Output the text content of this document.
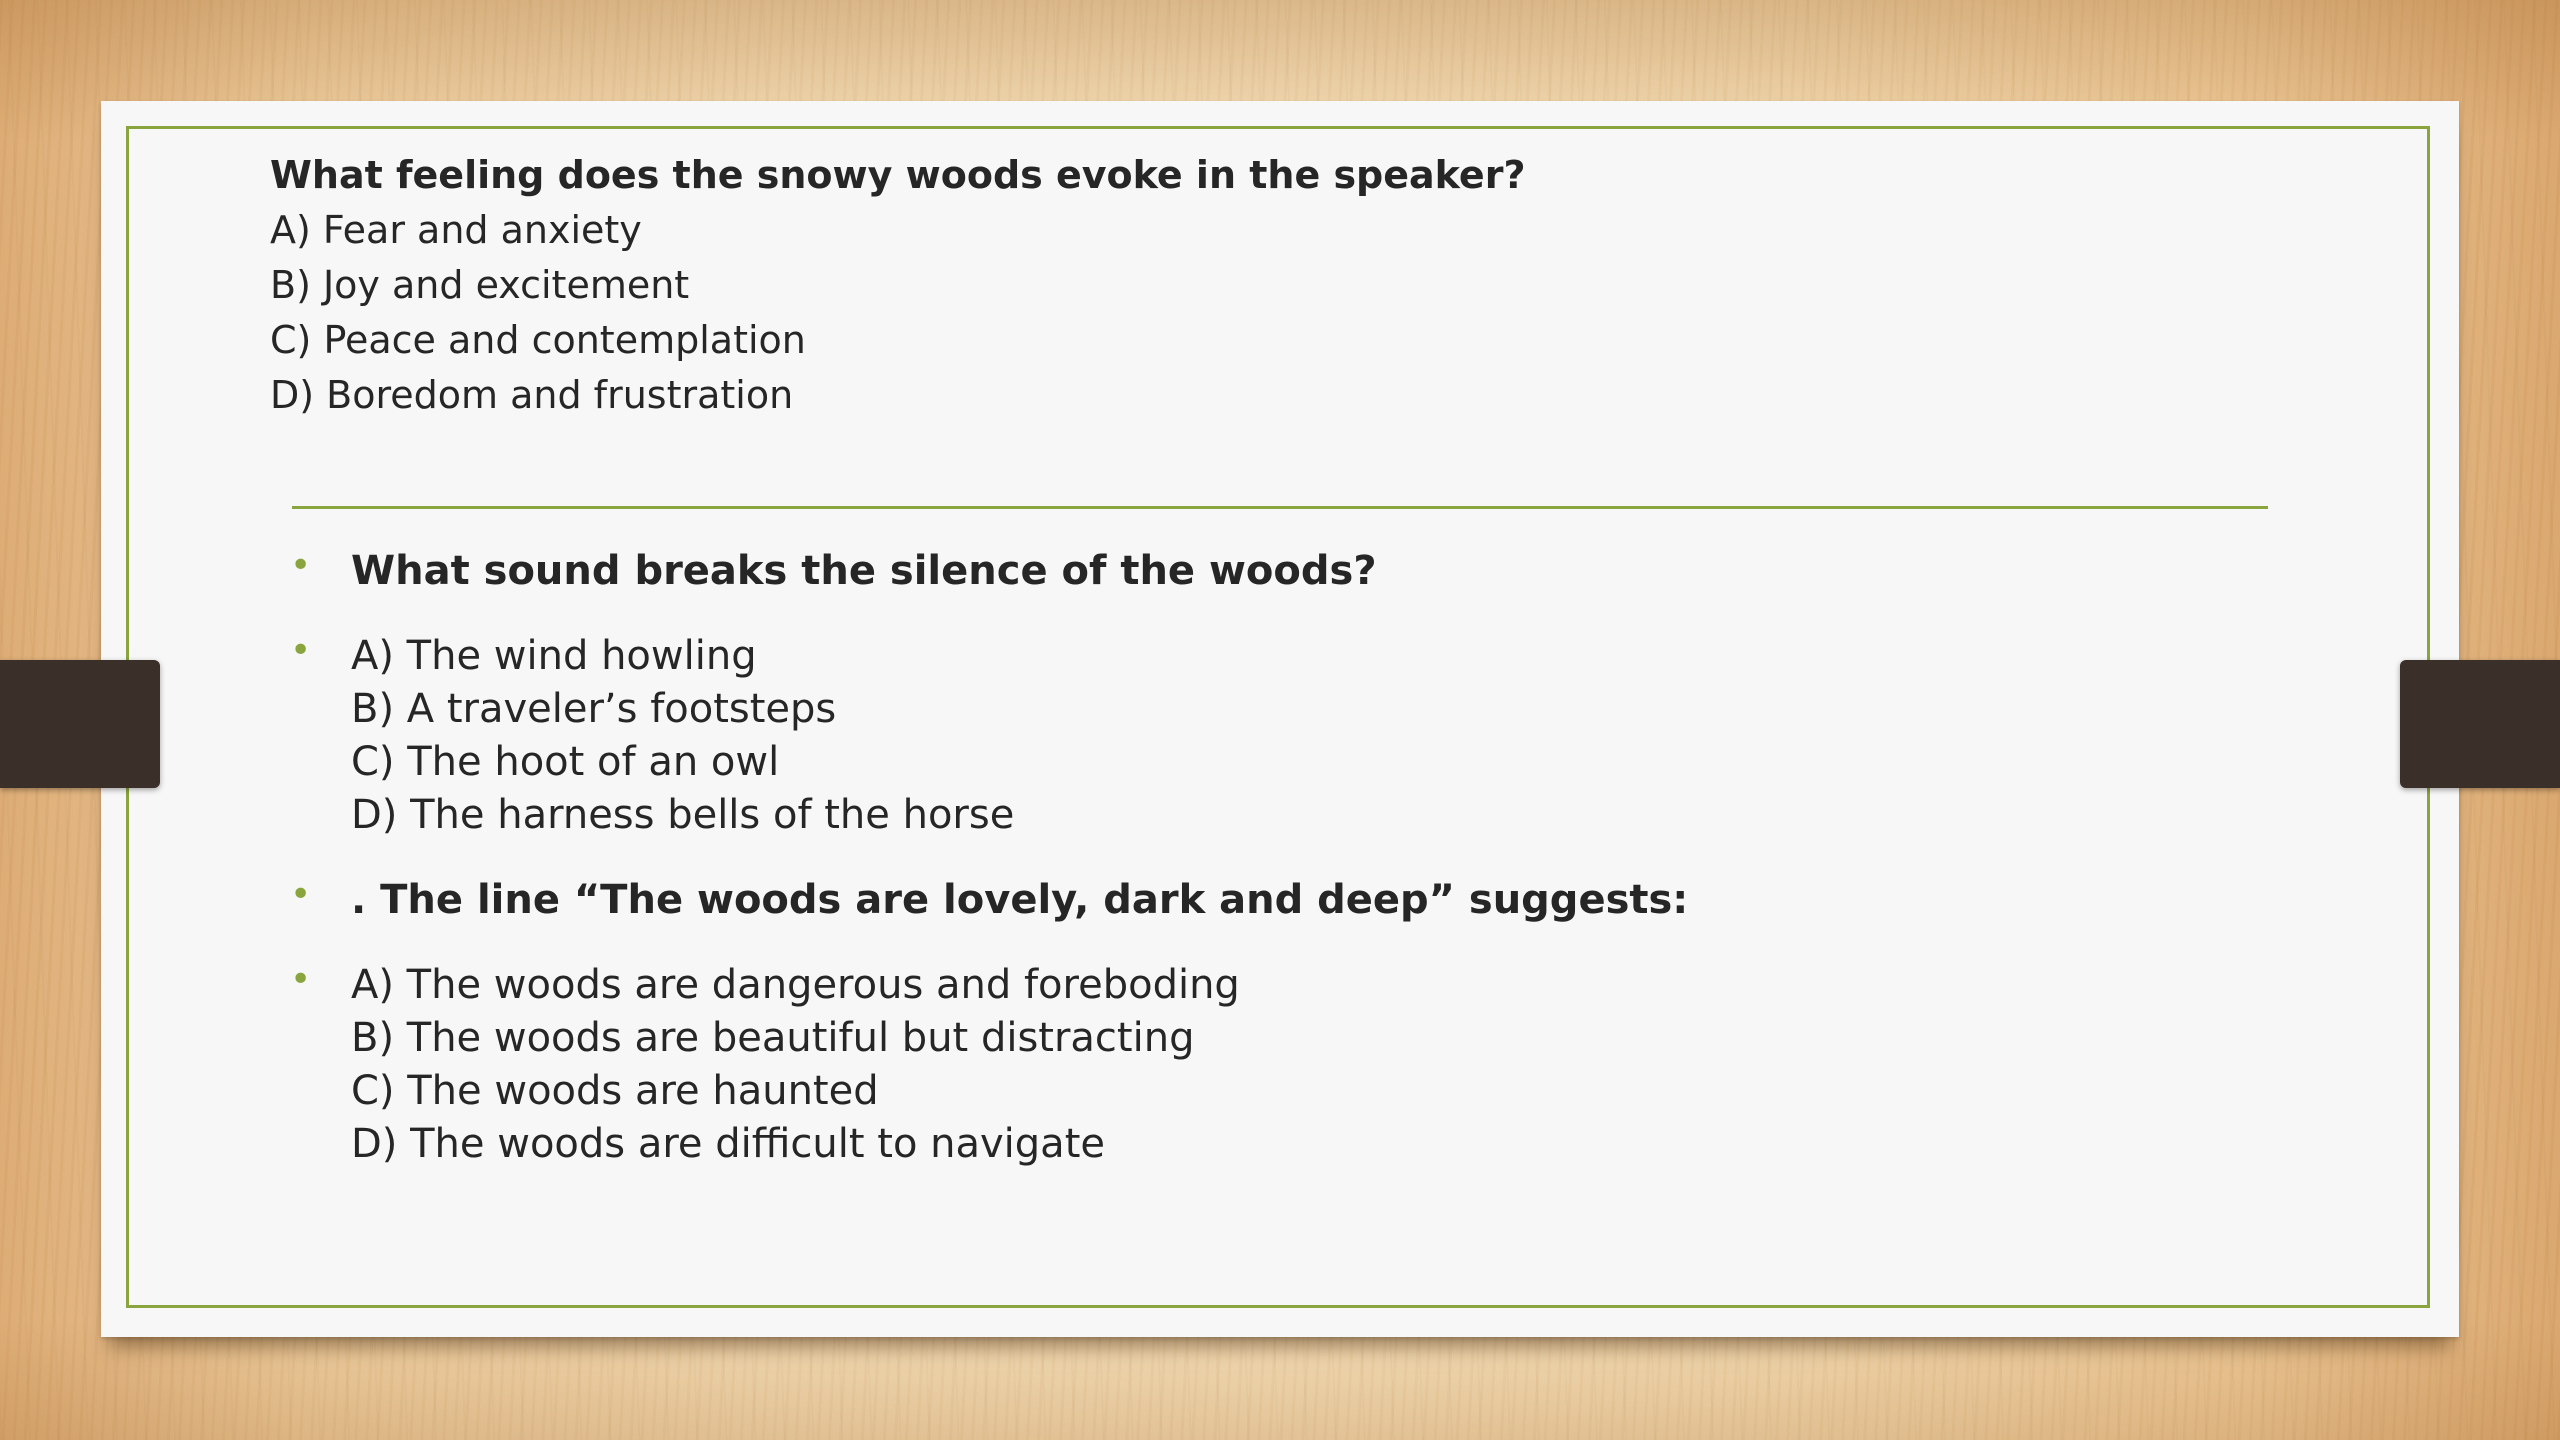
What feeling does the snowy woods evoke in the speaker?
A) Fear and anxiety
B) Joy and excitement
C) Peace and contemplation
D) Boredom and frustration
• What sound breaks the silence of the woods?
• A) The wind howling
B) A traveler’s footsteps
C) The hoot of an owl
D) The harness bells of the horse
• . The line “The woods are lovely, dark and deep” suggests:
• A) The woods are dangerous and foreboding
B) The woods are beautiful but distracting
C) The woods are haunted
D) The woods are difficult to navigate
